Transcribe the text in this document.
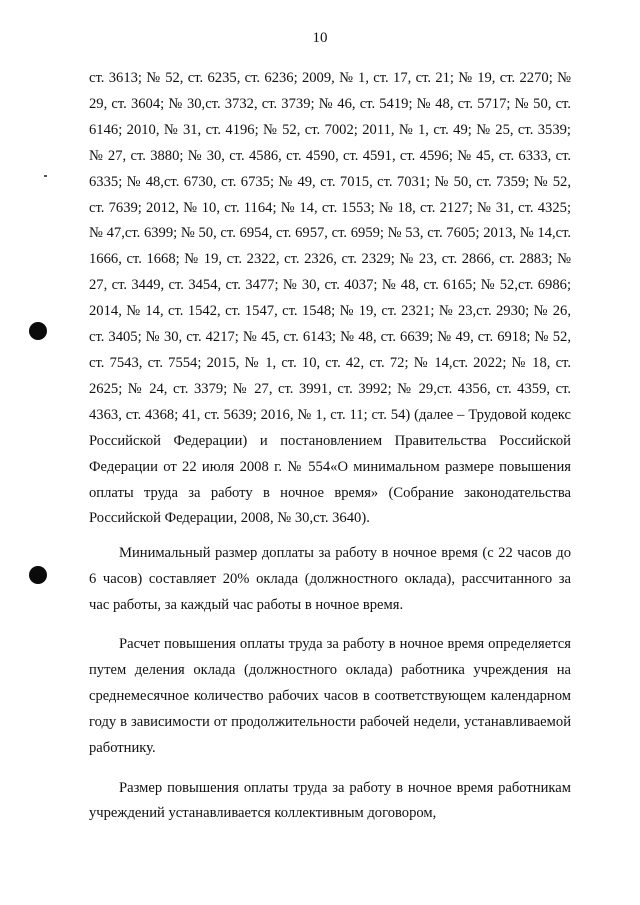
10

ст. 3613; № 52, ст. 6235, ст. 6236; 2009, № 1, ст. 17, ст. 21; № 19, ст. 2270; № 29, ст. 3604; № 30,ст. 3732, ст. 3739; № 46, ст. 5419; № 48, ст. 5717; № 50, ст. 6146; 2010, № 31, ст. 4196; № 52, ст. 7002; 2011, № 1, ст. 49; № 25, ст. 3539; № 27, ст. 3880; № 30, ст. 4586, ст. 4590, ст. 4591, ст. 4596; № 45, ст. 6333, ст. 6335; № 48,ст. 6730, ст. 6735; № 49, ст. 7015, ст. 7031; № 50, ст. 7359; № 52, ст. 7639; 2012, № 10, ст. 1164; № 14, ст. 1553; № 18, ст. 2127; № 31, ст. 4325; № 47,ст. 6399; № 50, ст. 6954, ст. 6957, ст. 6959; № 53, ст. 7605; 2013, № 14,ст. 1666, ст. 1668; № 19, ст. 2322, ст. 2326, ст. 2329; № 23, ст. 2866, ст. 2883; № 27, ст. 3449, ст. 3454, ст. 3477; № 30, ст. 4037; № 48, ст. 6165; № 52,ст. 6986; 2014, № 14, ст. 1542, ст. 1547, ст. 1548; № 19, ст. 2321; № 23,ст. 2930; № 26, ст. 3405; № 30, ст. 4217; № 45, ст. 6143; № 48, ст. 6639; № 49, ст. 6918; № 52, ст. 7543, ст. 7554; 2015, № 1, ст. 10, ст. 42, ст. 72; № 14,ст. 2022; № 18, ст. 2625; № 24, ст. 3379; № 27, ст. 3991, ст. 3992; № 29,ст. 4356, ст. 4359, ст. 4363, ст. 4368; 41, ст. 5639; 2016, № 1, ст. 11; ст. 54) (далее – Трудовой кодекс Российской Федерации) и постановлением Правительства Российской Федерации от 22 июля 2008 г. № 554«О минимальном размере повышения оплаты труда за работу в ночное время» (Собрание законодательства Российской Федерации, 2008, № 30,ст. 3640).

Минимальный размер доплаты за работу в ночное время (с 22 часов до 6 часов) составляет 20% оклада (должностного оклада), рассчитанного за час работы, за каждый час работы в ночное время.

Расчет повышения оплаты труда за работу в ночное время определяется путем деления оклада (должностного оклада) работника учреждения на среднемесячное количество рабочих часов в соответствующем календарном году в зависимости от продолжительности рабочей недели, устанавливаемой работнику.

Размер повышения оплаты труда за работу в ночное время работникам учреждений устанавливается коллективным договором,
